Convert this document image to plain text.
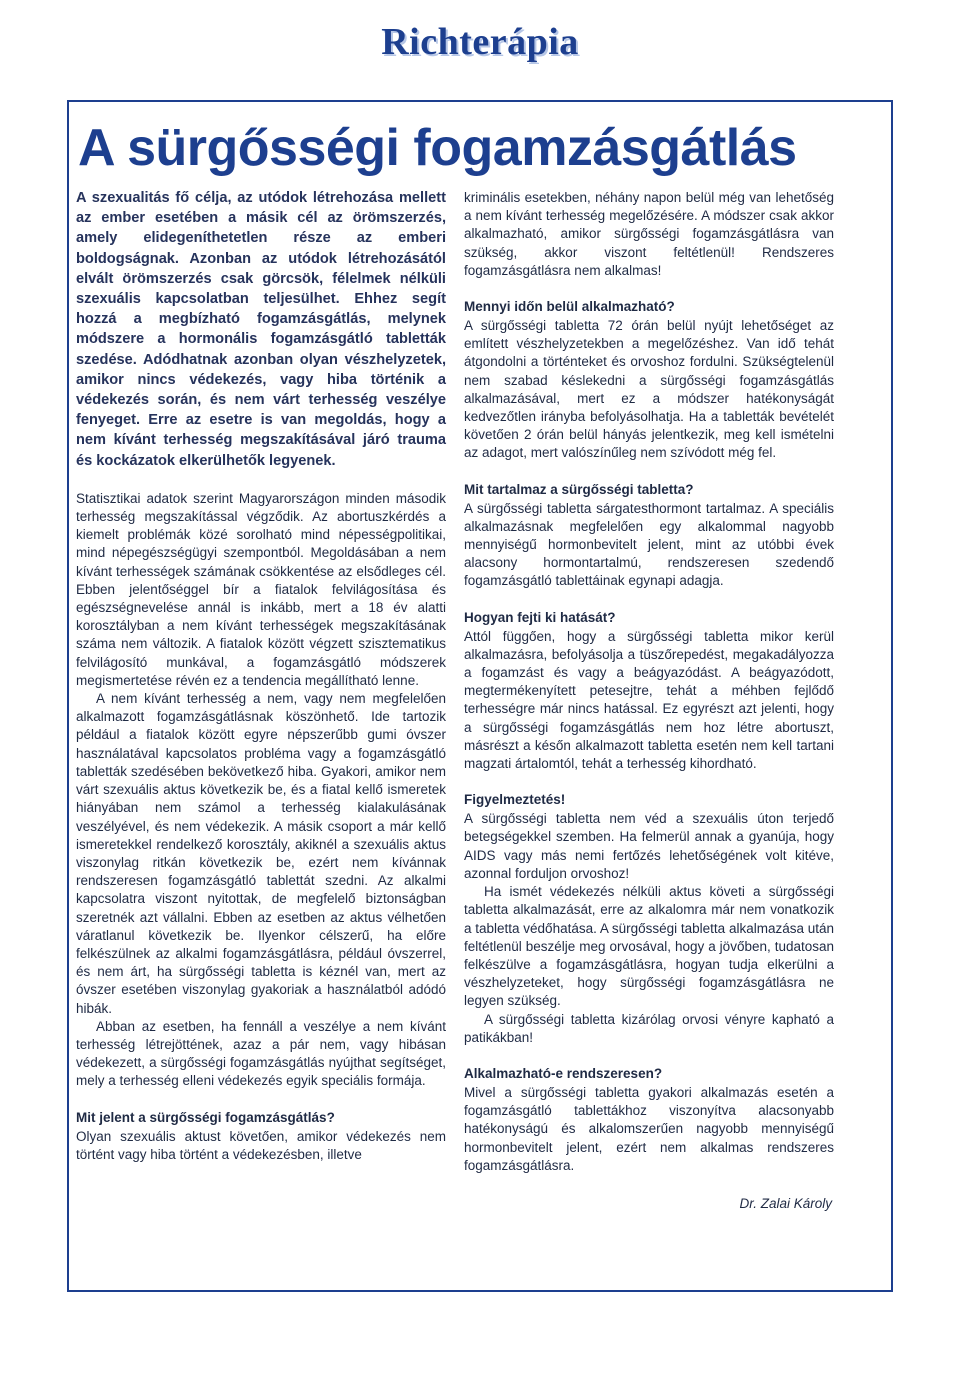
Richterápia
A sürgősségi fogamzásgátlás

A szexualitás fő célja, az utódok létrehozása mellett az ember esetében a másik cél az örömszerzés, amely elidegeníthetetlen része az emberi boldogságnak. Azonban az utódok létrehozásától elvált örömszerzés csak görcsök, félelmek nélküli szexuális kapcsolatban teljesülhet. Ehhez segít hozzá a megbízható fogamzásgátlás, melynek módszere a hormonális fogamzásgátló tabletták szedése. Adódhatnak azonban olyan vészhelyzetek, amikor nincs védekezés, vagy hiba történik a védekezés során, és nem várt terhesség veszélye fenyeget. Erre az esetre is van megoldás, hogy a nem kívánt terhesség megszakításával járó trauma és kockázatok elkerülhetők legyenek.

Statisztikai adatok szerint Magyarországon minden második terhesség megszakítással végződik. Az abortuszkérdés a kiemelt problémák közé sorolható mind népességpolitikai, mind népegészségügyi szempontból. Megoldásában a nem kívánt terhességek számának csökkentése az elsődleges cél. Ebben jelentőséggel bír a fiatalok felvilágosítása és egészségnevelése annál is inkább, mert a 18 év alatti korosztályban a nem kívánt terhességek megszakításának száma nem változik. A fiatalok között végzett szisztematikus felvilágosító munkával, a fogamzásgátló módszerek megismertetése révén ez a tendencia megállítható lenne.

A nem kívánt terhesség a nem, vagy nem megfelelően alkalmazott fogamzásgátlásnak köszönhető. Ide tartozik például a fiatalok között egyre népszerűbb gumi óvszer használatával kapcsolatos probléma vagy a fogamzásgátló tabletták szedésében bekövetkező hiba. Gyakori, amikor nem várt szexuális aktus következik be, és a fiatal kellő ismeretek hiányában nem számol a terhesség kialakulásának veszélyével, és nem védekezik. A másik csoport a már kellő ismeretekkel rendelkező korosztály, akiknél a szexuális aktus viszonylag ritkán következik be, ezért nem kívánnak rendszeresen fogamzásgátló tablettát szedni. Az alkalmi kapcsolatra viszont nyitottak, de megfelelő biztonságban szeretnék azt vállalni. Ebben az esetben az aktus vélhetően váratlanul következik be. Ilyenkor célszerű, ha előre felkészülnek az alkalmi fogamzásgátlásra, például óvszerrel, és nem árt, ha sürgősségi tabletta is kéznél van, mert az óvszer esetében viszonylag gyakoriak a használatból adódó hibák.

Abban az esetben, ha fennáll a veszélye a nem kívánt terhesség létrejöttének, azaz a pár nem, vagy hibásan védekezett, a sürgősségi fogamzásgátlás nyújthat segítséget, mely a terhesség elleni védekezés egyik speciális formája.

Mit jelent a sürgősségi fogamzásgátlás?

Olyan szexuális aktust követően, amikor védekezés nem történt vagy hiba történt a védekezésben, illetve

kriminális esetekben, néhány napon belül még van lehetőség a nem kívánt terhesség megelőzésére. A módszer csak akkor alkalmazható, amikor sürgősségi fogamzásgátlásra van szükség, akkor viszont feltétlenül! Rendszeres fogamzásgátlásra nem alkalmas!

Mennyi időn belül alkalmazható?

A sürgősségi tabletta 72 órán belül nyújt lehetőséget az említett vészhelyzetekben a megelőzéshez. Van idő tehát átgondolni a történteket és orvoshoz fordulni. Szükségtelenül nem szabad késlekedni a sürgősségi fogamzásgátlás alkalmazásával, mert ez a módszer hatékonyságát kedvezőtlen irányba befolyásolhatja. Ha a tabletták bevételét követően 2 órán belül hányás jelentkezik, meg kell ismételni az adagot, mert valószínűleg nem szívódott még fel.

Mit tartalmaz a sürgősségi tabletta?

A sürgősségi tabletta sárgatesthormont tartalmaz. A speciális alkalmazásnak megfelelően egy alkalommal nagyobb mennyiségű hormonbevitelt jelent, mint az utóbbi évek alacsony hormontartalmú, rendszeresen szedendő fogamzásgátló tablettáinak egynapi adagja.

Hogyan fejti ki hatását?

Attól függően, hogy a sürgősségi tabletta mikor kerül alkalmazásra, befolyásolja a tüszőrepedést, megakadályozza a fogamzást és vagy a beágyazódást. A beágyazódott, megtermékenyített petesejtre, tehát a méhben fejlődő terhességre már nincs hatással. Ez egyrészt azt jelenti, hogy a sürgősségi fogamzásgátlás nem hoz létre abortuszt, másrészt a későn alkalmazott tabletta esetén nem kell tartani magzati ártalomtól, tehát a terhesség kihordható.

Figyelmeztetés!

A sürgősségi tabletta nem véd a szexuális úton terjedő betegségekkel szemben. Ha felmerül annak a gyanúja, hogy AIDS vagy más nemi fertőzés lehetőségének volt kitéve, azonnal forduljon orvoshoz!

Ha ismét védekezés nélküli aktus követi a sürgősségi tabletta alkalmazását, erre az alkalomra már nem vonatkozik a tabletta védőhatása. A sürgősségi tabletta alkalmazása után feltétlenül beszélje meg orvosával, hogy a jövőben, tudatosan felkészülve a fogamzásgátlásra, hogyan tudja elkerülni a vészhelyzeteket, hogy sürgősségi fogamzásgátlásra ne legyen szükség.

A sürgősségi tabletta kizárólag orvosi vényre kapható a patikákban!

Alkalmazható-e rendszeresen?

Mivel a sürgősségi tabletta gyakori alkalmazás esetén a fogamzásgátló tablettákhoz viszonyítva alacsonyabb hatékonyságú és alkalomszerűen nagyobb mennyiségű hormonbevitelt jelent, ezért nem alkalmas rendszeres fogamzásgátlásra.

Dr. Zalai Károly
